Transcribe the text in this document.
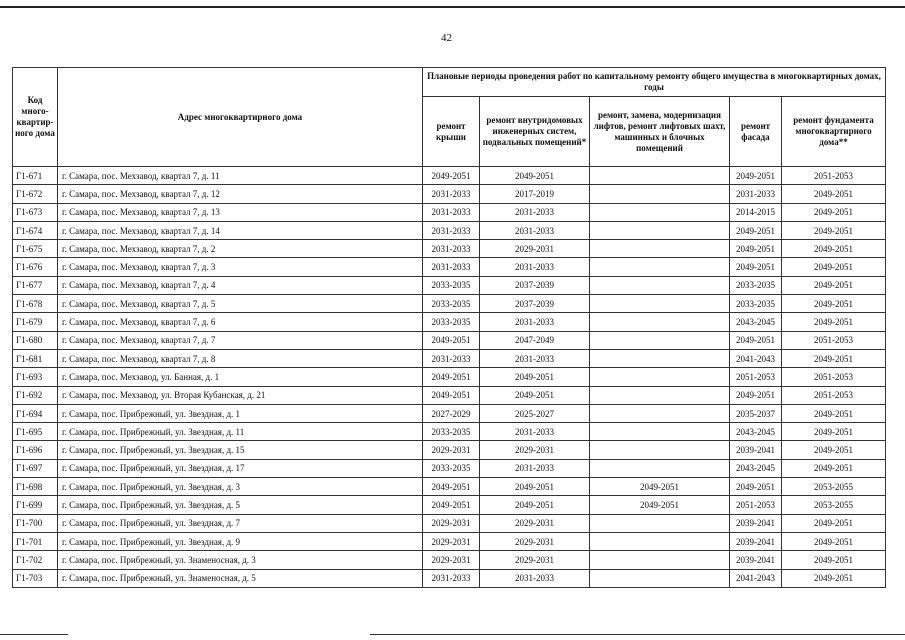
42
Код много-квартир-ного дома	Адрес многоквартирного дома	Плановые периоды проведения работ по капитальному ремонту общего имущества в многоквартирных домах, годы				
		ремонт крыши	ремонт внутридомовых инженерных систем, подвальных помещений*	ремонт, замена, модернизация лифтов, ремонт лифтовых шахт, машинных и блочных помещений	ремонт фасада	ремонт фундамента многоквартирного дома**
Г1-671	г. Самара, пос. Мехзавод, квартал 7, д. 11	2049-2051	2049-2051		2049-2051	2051-2053
Г1-672	г. Самара, пос. Мехзавод, квартал 7, д. 12	2031-2033	2017-2019		2031-2033	2049-2051
Г1-673	г. Самара, пос. Мехзавод, квартал 7, д. 13	2031-2033	2031-2033		2014-2015	2049-2051
Г1-674	г. Самара, пос. Мехзавод, квартал 7, д. 14	2031-2033	2031-2033		2049-2051	2049-2051
Г1-675	г. Самара, пос. Мехзавод, квартал 7, д. 2	2031-2033	2029-2031		2049-2051	2049-2051
Г1-676	г. Самара, пос. Мехзавод, квартал 7, д. 3	2031-2033	2031-2033		2049-2051	2049-2051
Г1-677	г. Самара, пос. Мехзавод, квартал 7, д. 4	2033-2035	2037-2039		2033-2035	2049-2051
Г1-678	г. Самара, пос. Мехзавод, квартал 7, д. 5	2033-2035	2037-2039		2033-2035	2049-2051
Г1-679	г. Самара, пос. Мехзавод, квартал 7, д. 6	2033-2035	2031-2033		2043-2045	2049-2051
Г1-680	г. Самара, пос. Мехзавод, квартал 7, д. 7	2049-2051	2047-2049		2049-2051	2051-2053
Г1-681	г. Самара, пос. Мехзавод, квартал 7, д. 8	2031-2033	2031-2033		2041-2043	2049-2051
Г1-693	г. Самара, пос. Мехзавод, ул. Банная, д. 1	2049-2051	2049-2051		2051-2053	2051-2053
Г1-692	г. Самара, пос. Мехзавод, ул. Вторая Кубанская, д. 21	2049-2051	2049-2051		2049-2051	2051-2053
Г1-694	г. Самара, пос. Прибрежный, ул. Звездная, д. 1	2027-2029	2025-2027		2035-2037	2049-2051
Г1-695	г. Самара, пос. Прибрежный, ул. Звездная, д. 11	2033-2035	2031-2033		2043-2045	2049-2051
Г1-696	г. Самара, пос. Прибрежный, ул. Звездная, д. 15	2029-2031	2029-2031		2039-2041	2049-2051
Г1-697	г. Самара, пос. Прибрежный, ул. Звездная, д. 17	2033-2035	2031-2033		2043-2045	2049-2051
Г1-698	г. Самара, пос. Прибрежный, ул. Звездная, д. 3	2049-2051	2049-2051	2049-2051	2049-2051	2053-2055
Г1-699	г. Самара, пос. Прибрежный, ул. Звездная, д. 5	2049-2051	2049-2051	2049-2051	2051-2053	2053-2055
Г1-700	г. Самара, пос. Прибрежный, ул. Звездная, д. 7	2029-2031	2029-2031		2039-2041	2049-2051
Г1-701	г. Самара, пос. Прибрежный, ул. Звездная, д. 9	2029-2031	2029-2031		2039-2041	2049-2051
Г1-702	г. Самара, пос. Прибрежный, ул. Знаменосная, д. 3	2029-2031	2029-2031		2039-2041	2049-2051
Г1-703	г. Самара, пос. Прибрежный, ул. Знаменосная, д. 5	2031-2033	2031-2033		2041-2043	2049-2051
